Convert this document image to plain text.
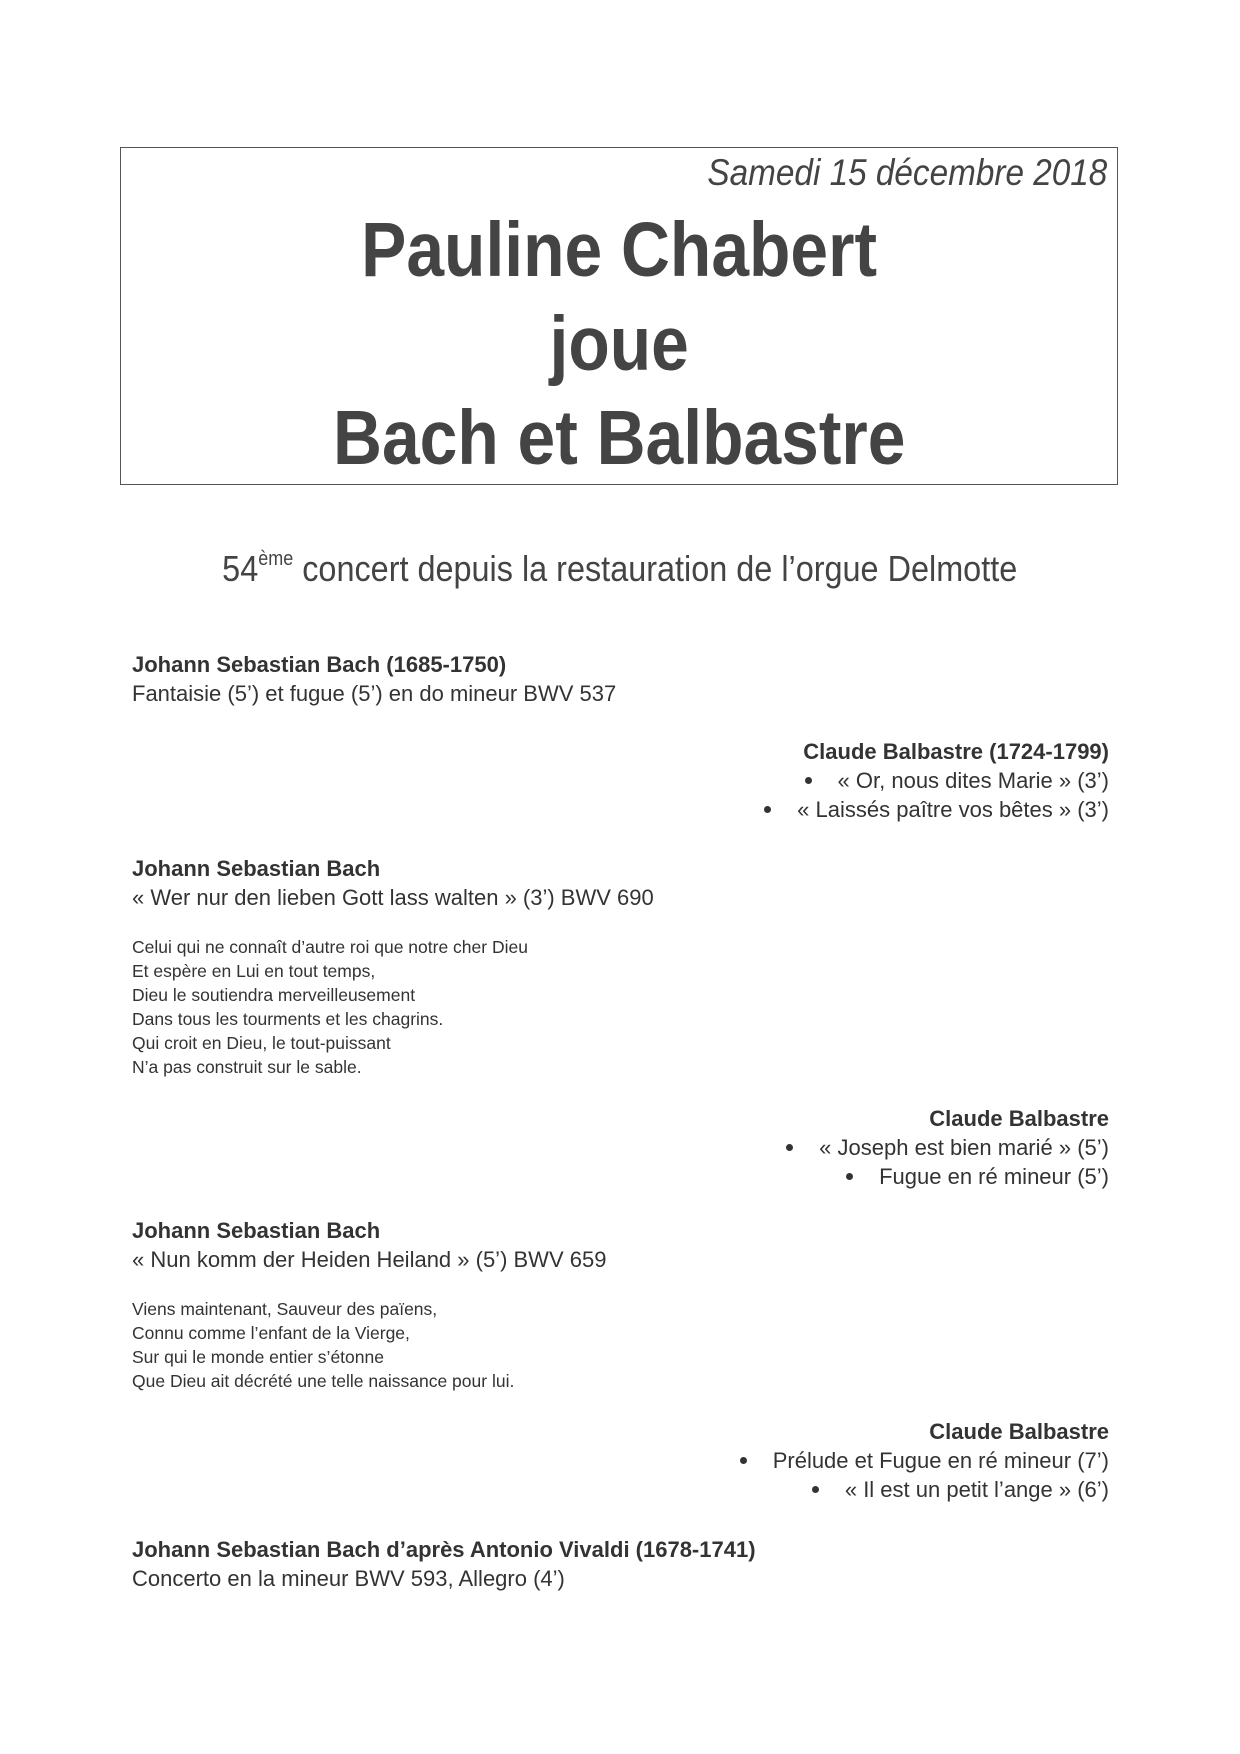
Samedi 15 décembre 2018
Pauline Chabert
joue
Bach et Balbastre
54ème concert depuis la restauration de l’orgue Delmotte
Johann Sebastian Bach (1685-1750)
Fantaisie (5’) et fugue (5’) en do mineur BWV 537
Claude Balbastre (1724-1799)
« Or, nous dites Marie » (3’)
« Laissés paître vos bêtes » (3’)
Johann Sebastian Bach
« Wer nur den lieben Gott lass walten » (3’) BWV 690
Celui qui ne connaît d’autre roi que notre cher Dieu
Et espère en Lui en tout temps,
Dieu le soutiendra merveilleusement
Dans tous les tourments et les chagrins.
Qui croit en Dieu, le tout-puissant
N’a pas construit sur le sable.
Claude Balbastre
« Joseph est bien marié » (5’)
Fugue en ré mineur (5’)
Johann Sebastian Bach
« Nun komm der Heiden Heiland » (5’) BWV 659
Viens maintenant, Sauveur des païens,
Connu comme l’enfant de la Vierge,
Sur qui le monde entier s’étonne
Que Dieu ait décrété une telle naissance pour lui.
Claude Balbastre
Prélude et Fugue en ré mineur (7’)
« Il est un petit l’ange » (6’)
Johann Sebastian Bach d’après Antonio Vivaldi (1678-1741)
Concerto en la mineur BWV 593, Allegro (4’)
